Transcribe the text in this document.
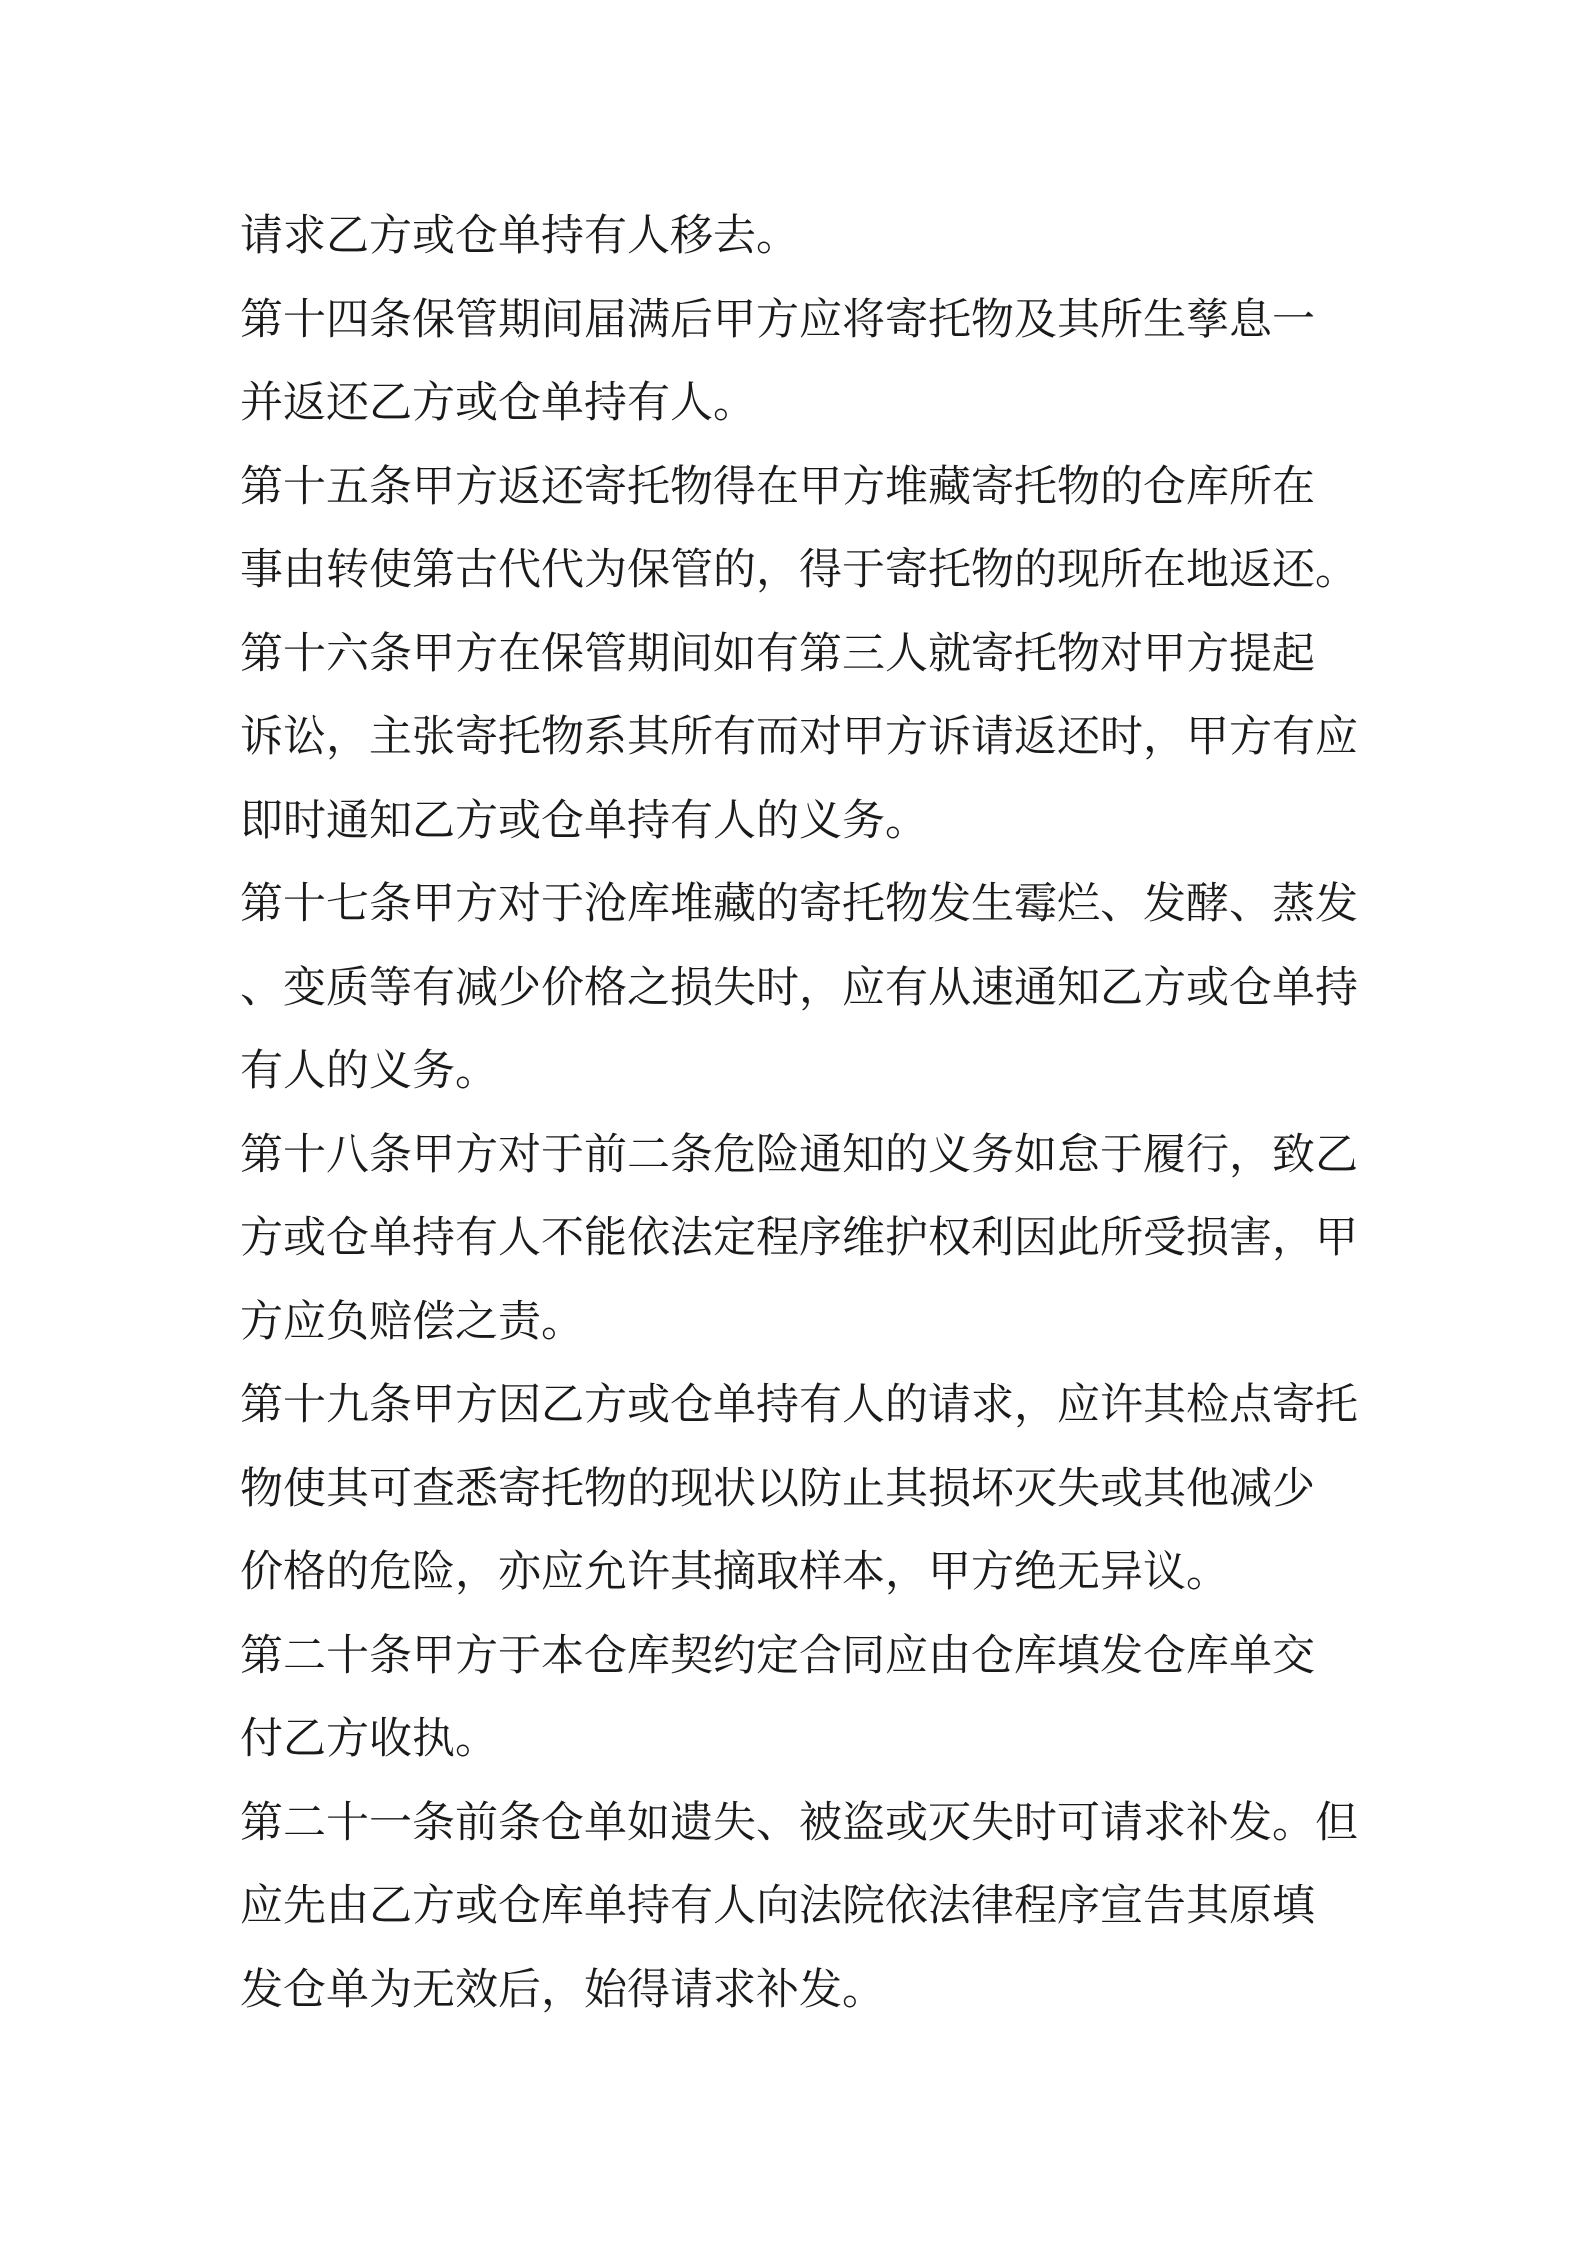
请求乙方或仓单持有人移去。
第十四条保管期间届满后甲方应将寄托物及其所生孳息一
并返还乙方或仓单持有人。
第十五条甲方返还寄托物得在甲方堆藏寄托物的仓库所在
事由转使第古代代为保管的，得于寄托物的现所在地返还。
第十六条甲方在保管期间如有第三人就寄托物对甲方提起
诉讼，主张寄托物系其所有而对甲方诉请返还时，甲方有应
即时通知乙方或仓单持有人的义务。
第十七条甲方对于沧库堆藏的寄托物发生霉烂、发酵、蒸发
、变质等有减少价格之损失时，应有从速通知乙方或仓单持
有人的义务。
第十八条甲方对于前二条危险通知的义务如怠于履行，致乙
方或仓单持有人不能依法定程序维护权利因此所受损害，甲
方应负赔偿之责。
第十九条甲方因乙方或仓单持有人的请求，应许其检点寄托
物使其可查悉寄托物的现状以防止其损坏灭失或其他减少
价格的危险，亦应允许其摘取样本，甲方绝无异议。
第二十条甲方于本仓库契约定合同应由仓库填发仓库单交
付乙方收执。
第二十一条前条仓单如遗失、被盗或灭失时可请求补发。但
应先由乙方或仓库单持有人向法院依法律程序宣告其原填
发仓单为无效后，始得请求补发。
